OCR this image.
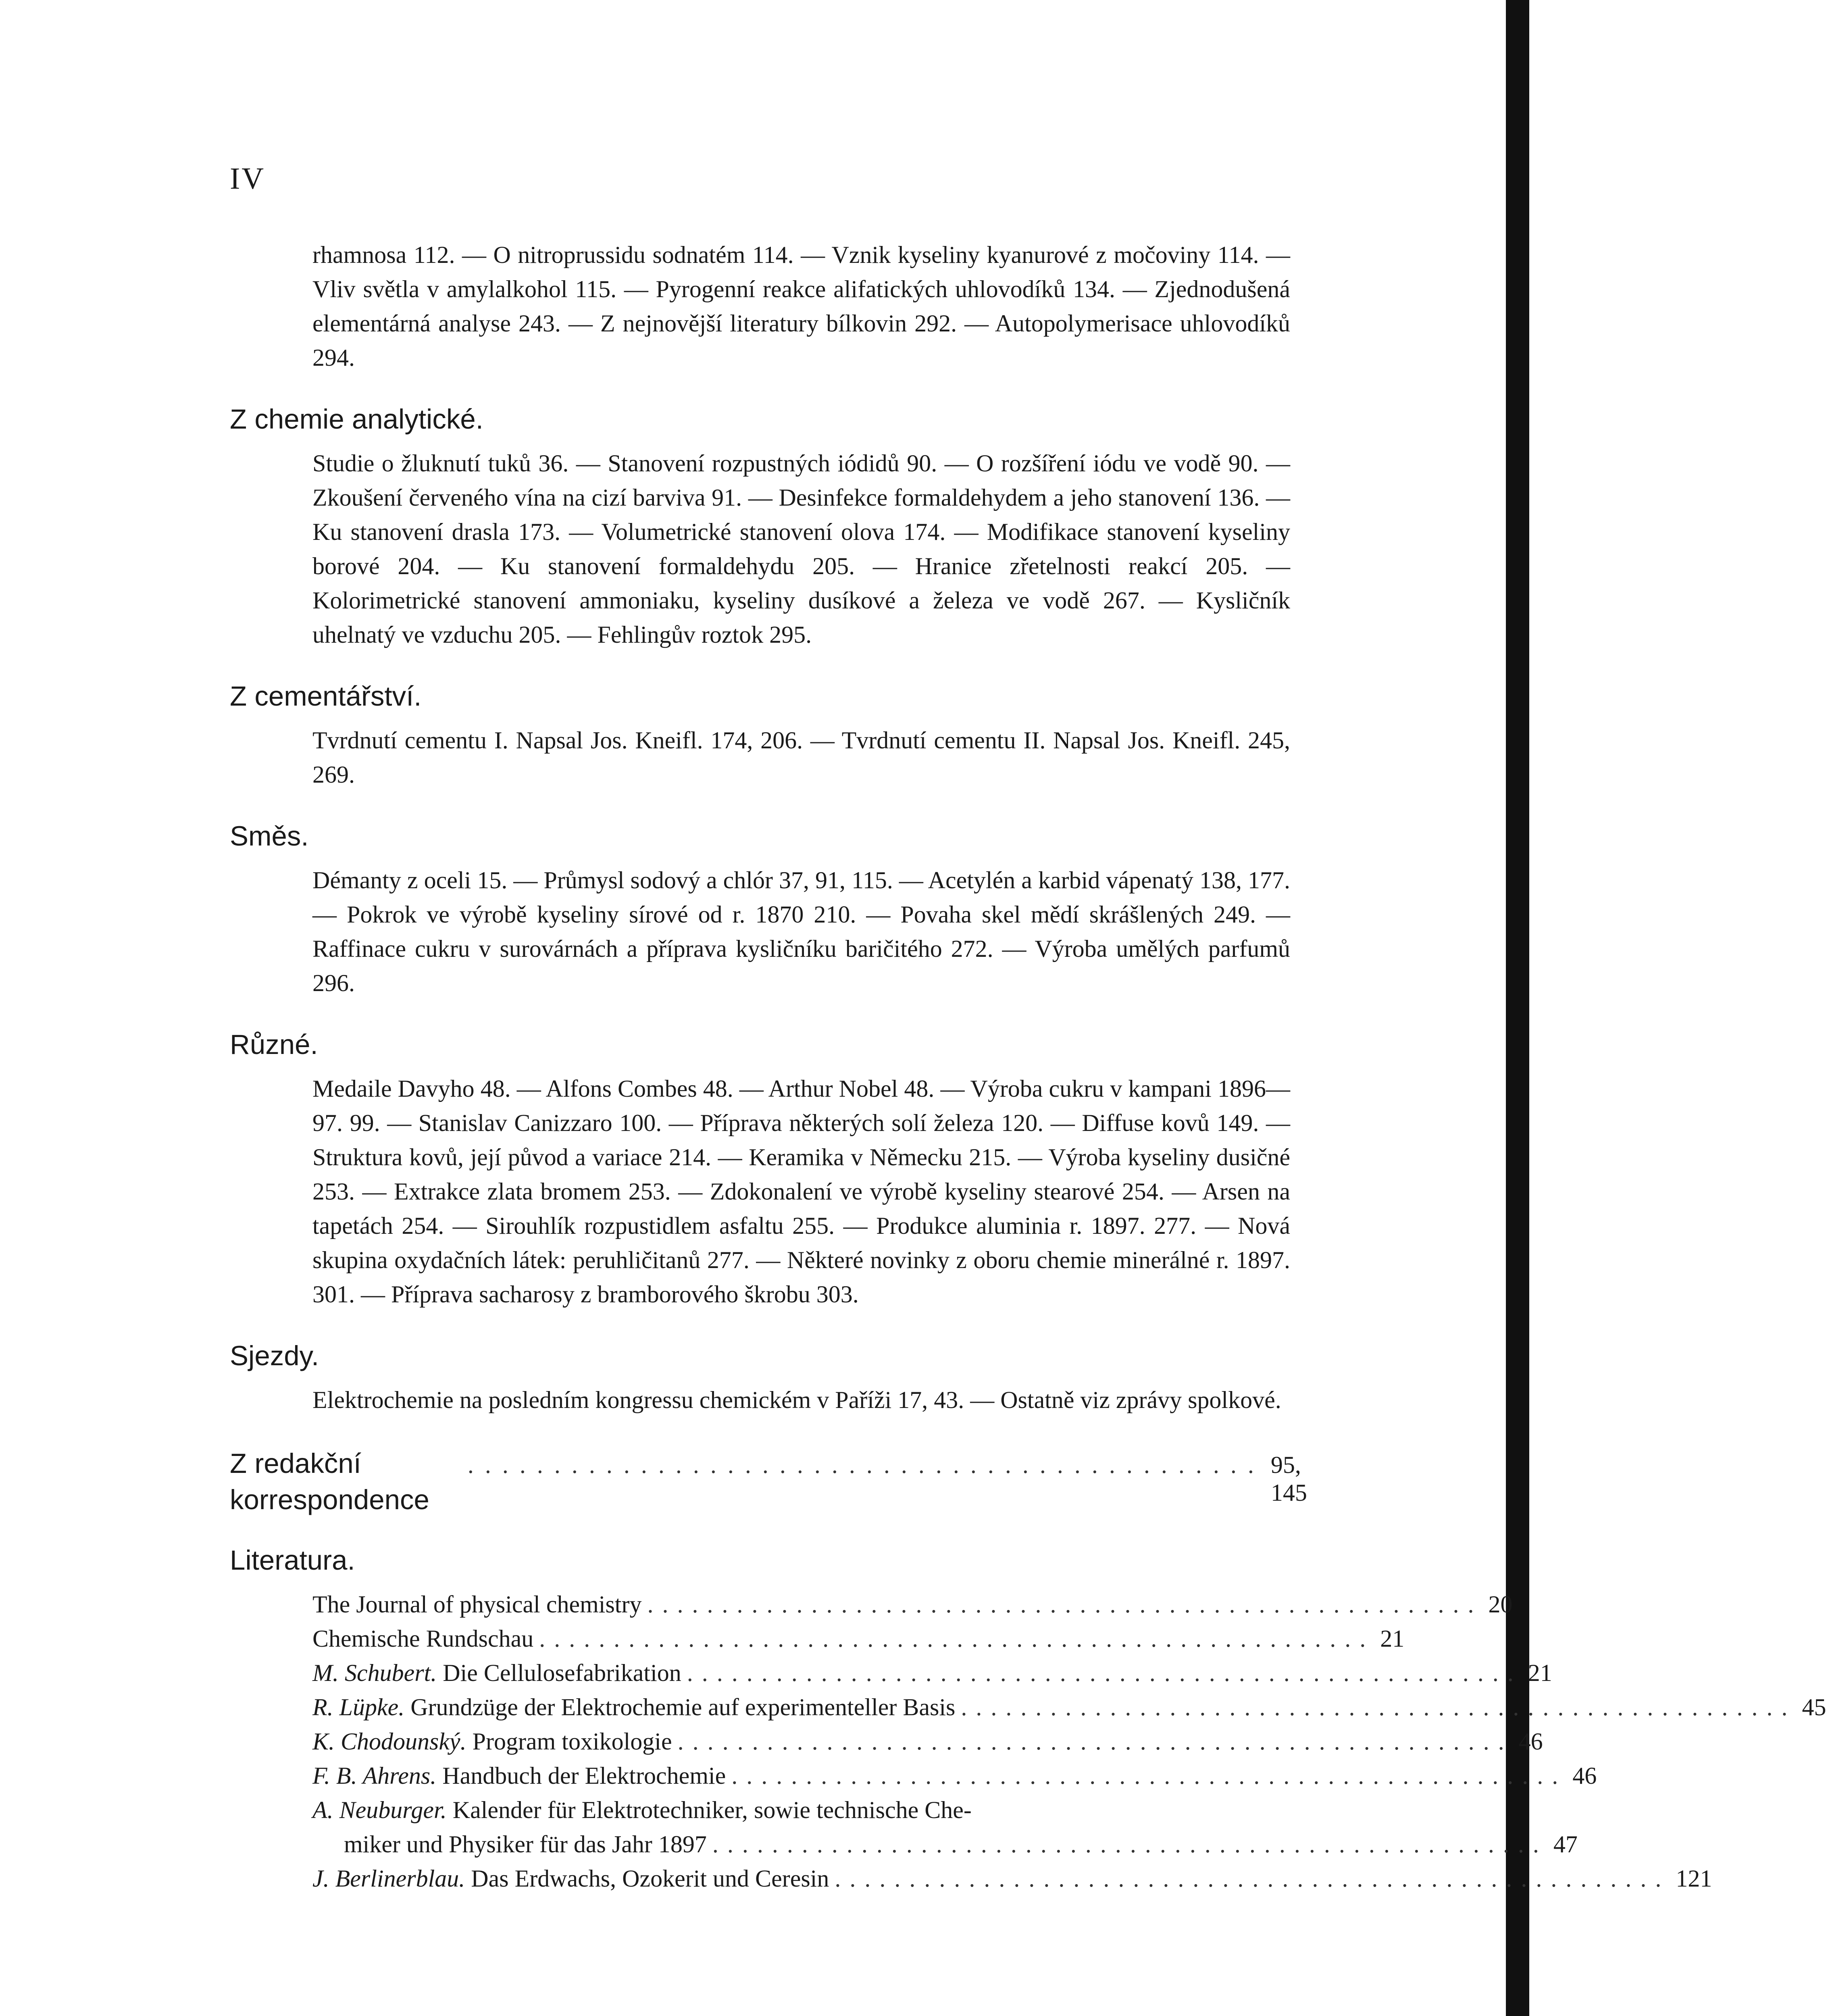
IV
rhamnosa 112. — O nitroprussidu sodnatém 114. — Vznik kyseliny kyanurové z močoviny 114. — Vliv světla v amylalkohol 115. — Pyrogenní reakce alifatických uhlovodíků 134. — Zjednodušená elementárná analyse 243. — Z nejnovější literatury bílkovin 292. — Autopolymerisace uhlovodíků 294.
Z chemie analytické.
Studie o žluknutí tuků 36. — Stanovení rozpustných iódidů 90. — O rozšíření iódu ve vodě 90. — Zkoušení červeného vína na cizí barviva 91. — Desinfekce formaldehydem a jeho stanovení 136. — Ku stanovení drasla 173. — Volumetrické stanovení olova 174. — Modifikace stanovení kyseliny borové 204. — Ku stanovení formaldehydu 205. — Hranice zřetelnosti reakcí 205. — Kolorimetrické stanovení ammoniaku, kyseliny dusíkové a železa ve vodě 267. — Kysličník uhelnatý ve vzduchu 205. — Fehlingův roztok 295.
Z cementářství.
Tvrdnutí cementu I. Napsal Jos. Kneifl. 174, 206. — Tvrdnutí cementu II. Napsal Jos. Kneifl. 245, 269.
Směs.
Démanty z oceli 15. — Průmysl sodový a chlór 37, 91, 115. — Acetylén a karbid vápenatý 138, 177. — Pokrok ve výrobě kyseliny sírové od r. 1870 210. — Povaha skel mědí skrášlených 249. — Raffinace cukru v surovárnách a příprava kysličníku baričitého 272. — Výroba umělých parfumů 296.
Různé.
Medaile Davyho 48. — Alfons Combes 48. — Arthur Nobel 48. — Výroba cukru v kampani 1896—97. 99. — Stanislav Canizzaro 100. — Příprava některých solí železa 120. — Diffuse kovů 149. — Struktura kovů, její původ a variace 214. — Keramika v Německu 215. — Výroba kyseliny dusičné 253. — Extrakce zlata bromem 253. — Zdokonalení ve výrobě kyseliny stearové 254. — Arsen na tapetách 254. — Sirouhlík rozpustidlem asfaltu 255. — Produkce aluminia r. 1897. 277. — Nová skupina oxydačních látek: peruhličitanů 277. — Některé novinky z oboru chemie minerálné r. 1897. 301. — Příprava sacharosy z bramborového škrobu 303.
Sjezdy.
Elektrochemie na posledním kongressu chemickém v Paříži 17, 43. — Ostatně viz zprávy spolkové.
Z redakční korrespondence
.............................................. 95, 145
Literatura.
The Journal of physical chemistry ........................................................ 20
Chemische Rundschau ........................................................ 21
M. Schubert. Die Cellulosefabrikation ........................................................ 21
R. Lüpke. Grundzüge der Elektrochemie auf experimenteller Basis ........................................................ 45
K. Chodounský. Program toxikologie ........................................................ 46
F. B. Ahrens. Handbuch der Elektrochemie ........................................................ 46
A. Neuburger. Kalender für Elektrotechniker, sowie technische Che-
miker und Physiker für das Jahr 1897 ........................................................ 47
J. Berlinerblau. Das Erdwachs, Ozokerit und Ceresin ........................................................ 121
